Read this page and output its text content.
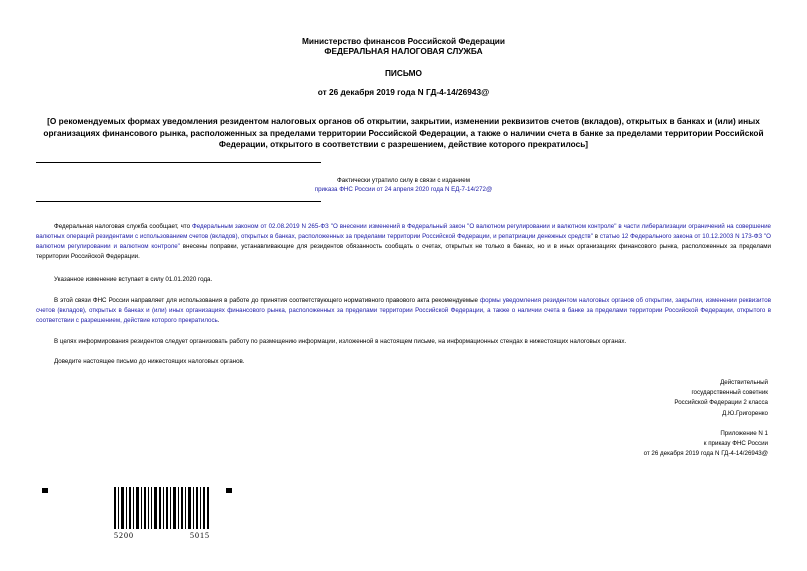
Министерство финансов Российской Федерации
ФЕДЕРАЛЬНАЯ НАЛОГОВАЯ СЛУЖБА
ПИСЬМО
от 26 декабря 2019 года N ГД-4-14/26943@
[О рекомендуемых формах уведомления резидентом налоговых органов об открытии, закрытии, изменении реквизитов счетов (вкладов), открытых в банках и (или) иных организациях финансового рынка, расположенных за пределами территории Российской Федерации, а также о наличии счета в банке за пределами территории Российской Федерации, открытого в соответствии с разрешением, действие которого прекратилось]
Фактически утратило силу в связи с изданием
приказа ФНС России от 24 апреля 2020 года N ЕД-7-14/272@
Федеральная налоговая служба сообщает, что Федеральным законом от 02.08.2019 N 265-ФЗ "О внесении изменений в Федеральный закон "О валютном регулировании и валютном контроле" в части либерализации ограничений на совершение валютных операций резидентами с использованием счетов (вкладов), открытых в банках, расположенных за пределами территории Российской Федерации, и репатриации денежных средств" в статью 12 Федерального закона от 10.12.2003 N 173-ФЗ "О валютном регулировании и валютном контроле" внесены поправки, устанавливающие для резидентов обязанность сообщать о счетах, открытых не только в банках, но и в иных организациях финансового рынка, расположенных за пределами территории Российской Федерации.
Указанное изменение вступает в силу 01.01.2020 года.
В этой связи ФНС России направляет для использования в работе до принятия соответствующего нормативного правового акта рекомендуемые формы уведомления резидентом налоговых органов об открытии, закрытии, изменении реквизитов счетов (вкладов), открытых в банках и (или) иных организациях финансового рынка, расположенных за пределами территории Российской Федерации, а также о наличии счета в банке за пределами территории Российской Федерации, открытого в соответствии с разрешением, действие которого прекратилось.
В целях информирования резидентов следует организовать работу по размещению информации, изложенной в настоящем письме, на информационных стендах в нижестоящих налоговых органах.
Доведите настоящее письмо до нижестоящих налоговых органов.
Действительный
государственный советник
Российской Федерации 2 класса
Д.Ю.Григоренко
Приложение N 1
к приказу ФНС России
от 26 декабря 2019 года N ГД-4-14/26943@
5200	5015
